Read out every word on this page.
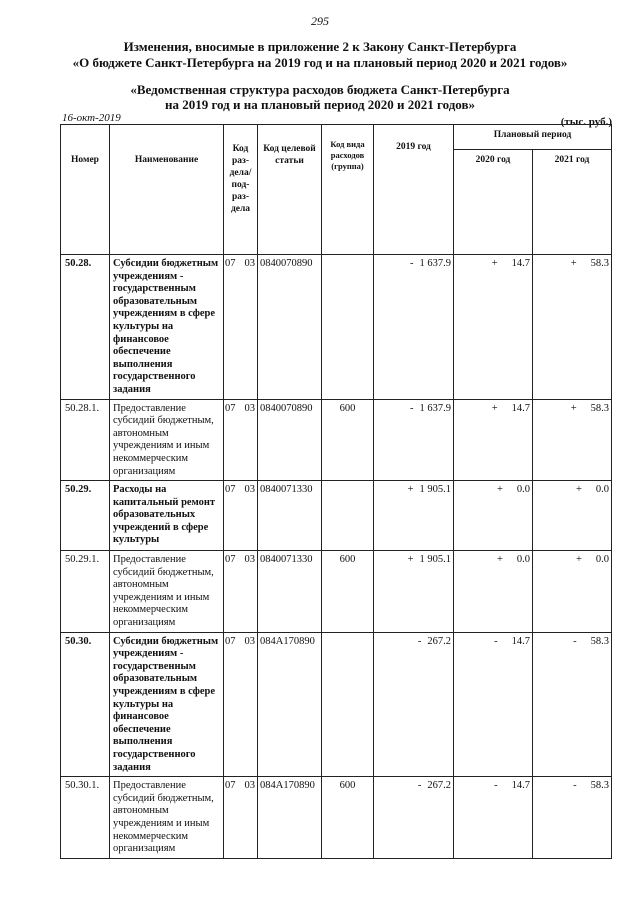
295
Изменения, вносимые в приложение 2 к Закону Санкт-Петербурга
«О бюджете Санкт-Петербурга на 2019 год и на плановый период 2020 и 2021 годов»
«Ведомственная структура расходов бюджета Санкт-Петербурга
на 2019 год и на плановый период 2020 и 2021 годов»
16-окт-2019	(тыс. руб.)
Номер	Наименование	Код раз- дела/ под- раз- дела	Код целевой статьи	Код вида расходов (группа)	2019 год	Плановый период	
						2020 год	2021 год
50.28.	Субсидии бюджетным учреждениям - государственным образовательным учреждениям в сфере культуры на финансовое обеспечение выполнения государственного задания	07 03	0840070890		- 1 637.9	+ 14.7	+ 58.3
50.28.1.	Предоставление субсидий бюджетным, автономным учреждениям и иным некоммерческим организациям	07 03	0840070890	600	- 1 637.9	+ 14.7	+ 58.3
50.29.	Расходы на капитальный ремонт образовательных учреждений в сфере культуры	07 03	0840071330		+ 1 905.1	+ 0.0	+ 0.0
50.29.1.	Предоставление субсидий бюджетным, автономным учреждениям и иным некоммерческим организациям	07 03	0840071330	600	+ 1 905.1	+ 0.0	+ 0.0
50.30.	Субсидии бюджетным учреждениям - государственным образовательным учреждениям в сфере культуры на финансовое обеспечение выполнения государственного задания	07 03	084А170890		- 267.2	- 14.7	- 58.3
50.30.1.	Предоставление субсидий бюджетным, автономным учреждениям и иным некоммерческим организациям	07 03	084А170890	600	- 267.2	- 14.7	- 58.3
